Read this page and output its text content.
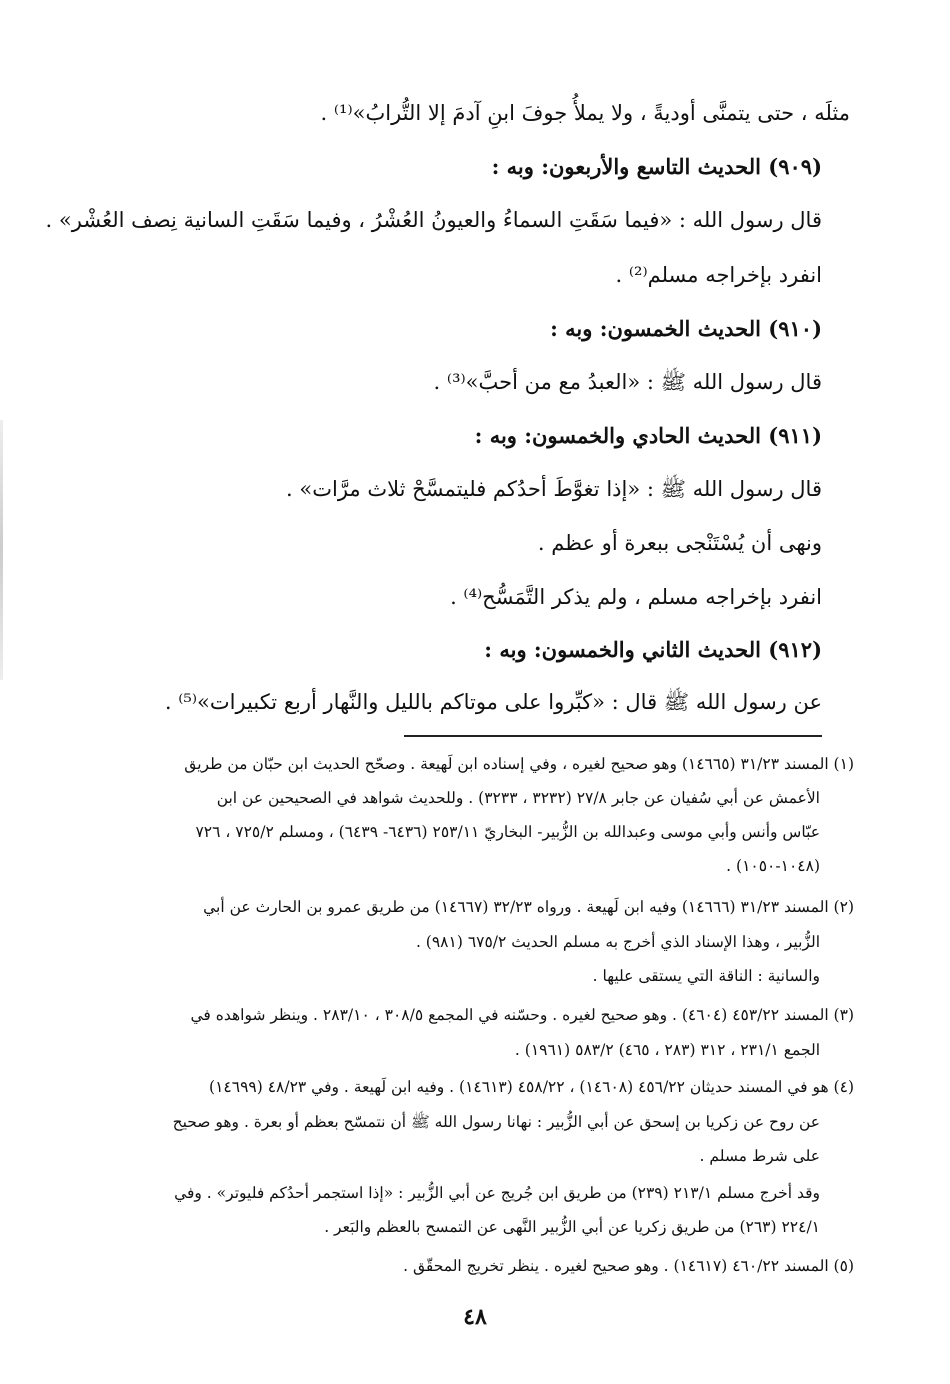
مثلَه ، حتى يتمنَّى أوديةً ، ولا يملأُ جوفَ ابنِ آدمَ إلا التُّرابُ»⁽¹⁾ .
(٩٠٩) الحديث التاسع والأربعون: وبه :
قال رسول الله : «فيما سَقَتِ السماءُ والعيونُ العُشْرُ ، وفيما سَقَتِ السانية نِصف العُشْر» .
انفرد بإخراجه مسلم⁽²⁾ .
(٩١٠) الحديث الخمسون: وبه :
قال رسول الله ﷺ : «العبدُ مع من أحبَّ»⁽³⁾ .
(٩١١) الحديث الحادي والخمسون: وبه :
قال رسول الله ﷺ : «إذا تغوَّطَ أحدُكم فليتمسَّحْ ثلاث مرَّات» .
ونهى أن يُسْتَنْجى ببعرة أو عظم .
انفرد بإخراجه مسلم ، ولم يذكر التَّمَسُّح⁽⁴⁾ .
(٩١٢) الحديث الثاني والخمسون: وبه :
عن رسول الله ﷺ قال : «كبِّروا على موتاكم بالليل والنَّهار أربع تكبيرات»⁽⁵⁾ .
(١) المسند ٣١/٢٣ (١٤٦٦٥) وهو صحيح لغيره ، وفي إسناده ابن لَهيعة . وصحّح الحديث ابن حبّان من طريق
الأعمش عن أبي سُفيان عن جابر ٢٧/٨ (٣٢٣٢ ، ٣٢٣٣) . وللحديث شواهد في الصحيحين عن ابن
عبّاس وأنس وأبي موسى وعبدالله بن الزُّبير- البخاريّ ٢٥٣/١١ (٦٤٣٦- ٦٤٣٩) ، ومسلم ٧٢٥/٢ ، ٧٢٦
(١٠٤٨-١٠٥٠) .
(٢) المسند ٣١/٢٣ (١٤٦٦٦) وفيه ابن لَهيعة . ورواه ٣٢/٢٣ (١٤٦٦٧) من طريق عمرو بن الحارث عن أبي
الزُّبير ، وهذا الإسناد الذي أخرج به مسلم الحديث ٦٧٥/٢ (٩٨١) .
والسانية : الناقة التي يستقى عليها .
(٣) المسند ٤٥٣/٢٢ (٤٦٠٤) . وهو صحيح لغيره . وحسّنه في المجمع ٣٠٨/٥ ، ٢٨٣/١٠ . وينظر شواهده في
الجمع ٢٣١/١ ، ٣١٢ (٢٨٣ ، ٤٦٥) ٥٨٣/٢ (١٩٦١) .
(٤) هو في المسند حديثان ٤٥٦/٢٢ (١٤٦٠٨) ، ٤٥٨/٢٢ (١٤٦١٣) . وفيه ابن لَهيعة . وفي ٤٨/٢٣ (١٤٦٩٩)
عن روح عن زكريا بن إسحق عن أبي الزُّبير : نهانا رسول الله ﷺ أن نتمسّح بعظم أو بعرة . وهو صحيح
على شرط مسلم .
وقد أخرج مسلم ٢١٣/١ (٢٣٩) من طريق ابن جُريج عن أبي الزُّبير : «إذا استجمر أحدُكم فليوتر» . وفي
٢٢٤/١ (٢٦٣) من طريق زكريا عن أبي الزُّبير النَّهى عن التمسح بالعظم والبَعر .
(٥) المسند ٤٦٠/٢٢ (١٤٦١٧) . وهو صحيح لغيره . ينظر تخريج المحقّق .
٤٨
